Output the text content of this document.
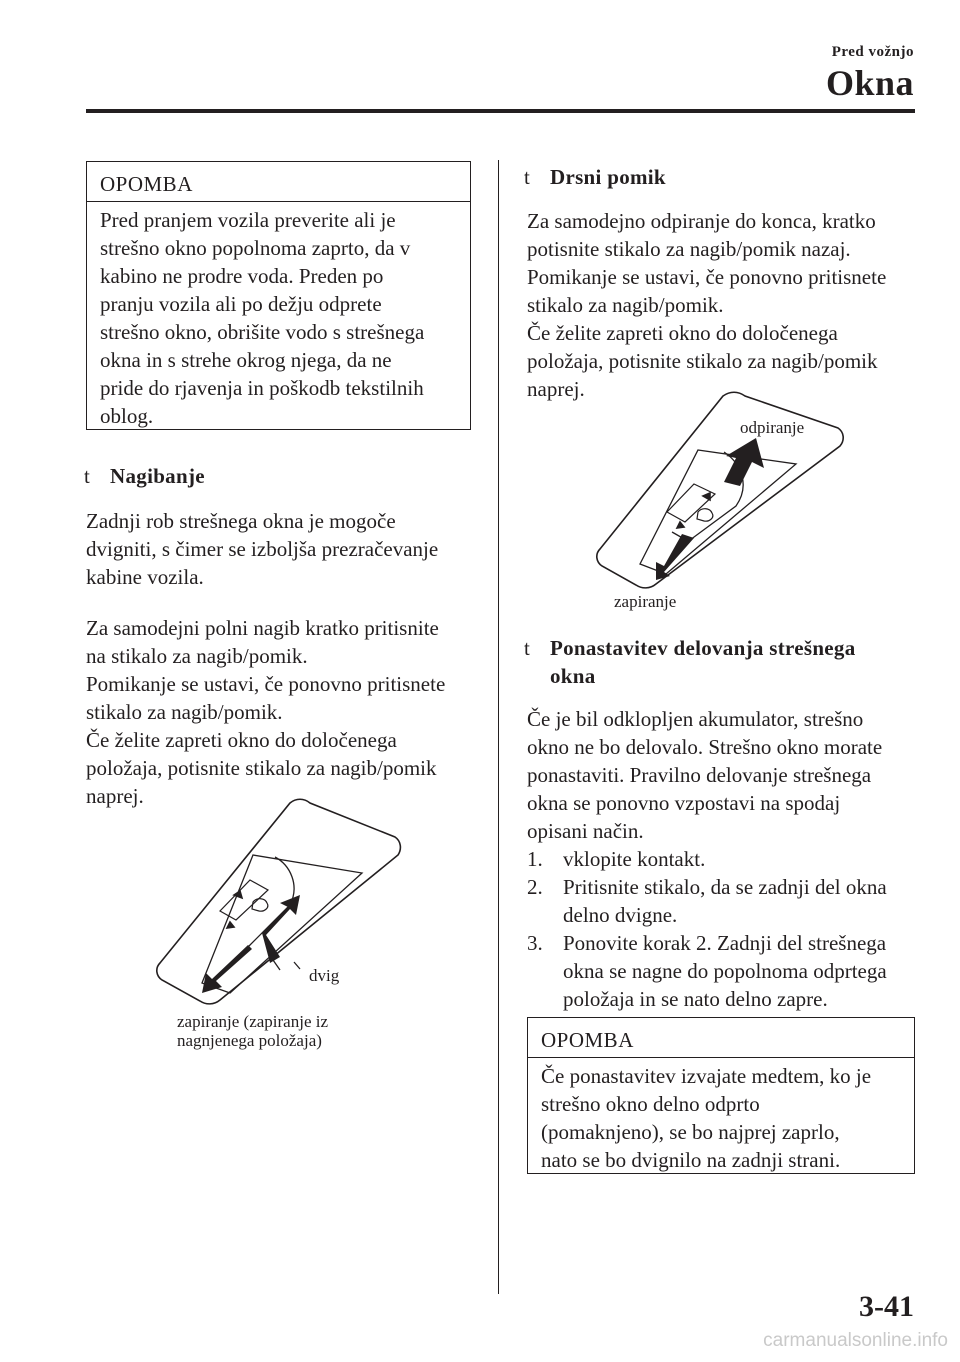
Pred vožnjo
Okna
OPOMBA
Pred pranjem vozila preverite ali je
strešno okno popolnoma zaprto, da v
kabino ne prodre voda. Preden po
pranju vozila ali po dežju odprete
strešno okno, obrišite vodo s strešnega
okna in s strehe okrog njega, da ne
pride do rjavenja in poškodb tekstilnih
oblog.
t Nagibanje
Zadnji rob strešnega okna je mogoče
dvigniti, s čimer se izboljša prezračevanje
kabine vozila.
Za samodejni polni nagib kratko pritisnite
na stikalo za nagib/pomik.
Pomikanje se ustavi, če ponovno pritisnete
stikalo za nagib/pomik.
Če želite zapreti okno do določenega
položaja, potisnite stikalo za nagib/pomik
naprej.
dvig
zapiranje (zapiranje iz
nagnjenega položaja)
t Drsni pomik
Za samodejno odpiranje do konca, kratko
potisnite stikalo za nagib/pomik nazaj.
Pomikanje se ustavi, če ponovno pritisnete
stikalo za nagib/pomik.
Če želite zapreti okno do določenega
položaja, potisnite stikalo za nagib/pomik
naprej.
odpiranje
zapiranje
t Ponastavitev delovanja strešnega
okna
Če je bil odklopljen akumulator, strešno
okno ne bo delovalo. Strešno okno morate
ponastaviti. Pravilno delovanje strešnega
okna se ponovno vzpostavi na spodaj
opisani način.
1. vklopite kontakt.
2. Pritisnite stikalo, da se zadnji del okna
delno dvigne.
3. Ponovite korak 2. Zadnji del strešnega
okna se nagne do popolnoma odprtega
položaja in se nato delno zapre.
OPOMBA
Če ponastavitev izvajate medtem, ko je
strešno okno delno odprto
(pomaknjeno), se bo najprej zaprlo,
nato se bo dvignilo na zadnji strani.
3-41
carmanualsonline.info
